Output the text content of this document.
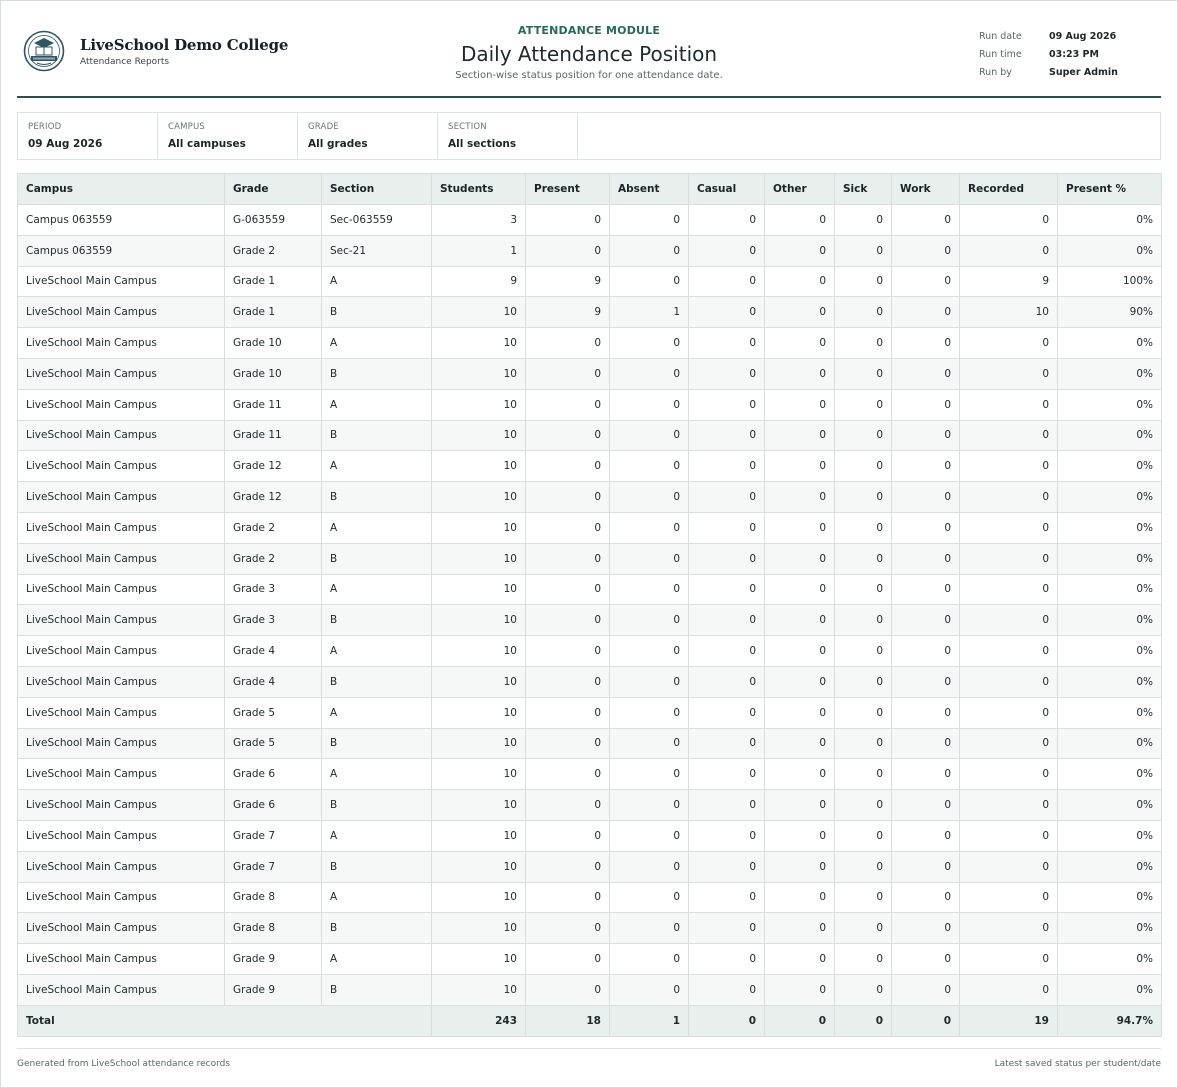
LiveSchool Demo College
Attendance Reports
ATTENDANCE MODULE
Daily Attendance Position
Section-wise status position for one attendance date.
Run date	09 Aug 2026
Run time	03:23 PM
Run by	Super Admin
PERIOD
09 Aug 2026
CAMPUS
All campuses
GRADE
All grades
SECTION
All sections
Campus	Grade	Section	Students	Present	Absent	Casual	Other	Sick	Work	Recorded	Present %
Campus 063559	G-063559	Sec-063559	3	0	0	0	0	0	0	0	0%
Campus 063559	Grade 2	Sec-21	1	0	0	0	0	0	0	0	0%
LiveSchool Main Campus	Grade 1	A	9	9	0	0	0	0	0	9	100%
LiveSchool Main Campus	Grade 1	B	10	9	1	0	0	0	0	10	90%
LiveSchool Main Campus	Grade 10	A	10	0	0	0	0	0	0	0	0%
LiveSchool Main Campus	Grade 10	B	10	0	0	0	0	0	0	0	0%
LiveSchool Main Campus	Grade 11	A	10	0	0	0	0	0	0	0	0%
LiveSchool Main Campus	Grade 11	B	10	0	0	0	0	0	0	0	0%
LiveSchool Main Campus	Grade 12	A	10	0	0	0	0	0	0	0	0%
LiveSchool Main Campus	Grade 12	B	10	0	0	0	0	0	0	0	0%
LiveSchool Main Campus	Grade 2	A	10	0	0	0	0	0	0	0	0%
LiveSchool Main Campus	Grade 2	B	10	0	0	0	0	0	0	0	0%
LiveSchool Main Campus	Grade 3	A	10	0	0	0	0	0	0	0	0%
LiveSchool Main Campus	Grade 3	B	10	0	0	0	0	0	0	0	0%
LiveSchool Main Campus	Grade 4	A	10	0	0	0	0	0	0	0	0%
LiveSchool Main Campus	Grade 4	B	10	0	0	0	0	0	0	0	0%
LiveSchool Main Campus	Grade 5	A	10	0	0	0	0	0	0	0	0%
LiveSchool Main Campus	Grade 5	B	10	0	0	0	0	0	0	0	0%
LiveSchool Main Campus	Grade 6	A	10	0	0	0	0	0	0	0	0%
LiveSchool Main Campus	Grade 6	B	10	0	0	0	0	0	0	0	0%
LiveSchool Main Campus	Grade 7	A	10	0	0	0	0	0	0	0	0%
LiveSchool Main Campus	Grade 7	B	10	0	0	0	0	0	0	0	0%
LiveSchool Main Campus	Grade 8	A	10	0	0	0	0	0	0	0	0%
LiveSchool Main Campus	Grade 8	B	10	0	0	0	0	0	0	0	0%
LiveSchool Main Campus	Grade 9	A	10	0	0	0	0	0	0	0	0%
LiveSchool Main Campus	Grade 9	B	10	0	0	0	0	0	0	0	0%
Total			243	18	1	0	0	0	0	19	94.7%
Generated from LiveSchool attendance records	Latest saved status per student/date
